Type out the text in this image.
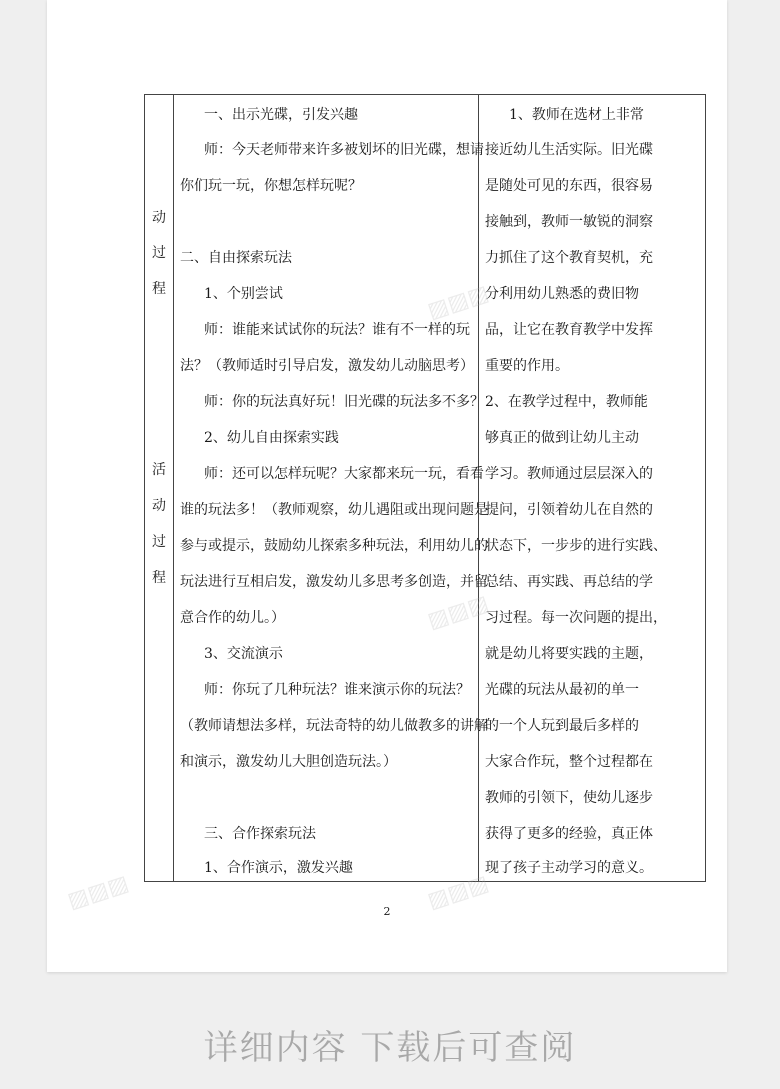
动
过
程
活
动
过
程
一、出示光碟，引发兴趣
师：今天老师带来许多被划坏的旧光碟，想请
你们玩一玩，你想怎样玩呢？
二、自由探索玩法
1、个别尝试
师：谁能来试试你的玩法？谁有不一样的玩
法？（教师适时引导启发，激发幼儿动脑思考）
师：你的玩法真好玩！旧光碟的玩法多不多？
2、幼儿自由探索实践
师：还可以怎样玩呢？大家都来玩一玩，看看
谁的玩法多！（教师观察，幼儿遇阻或出现问题是
参与或提示，鼓励幼儿探索多种玩法，利用幼儿的
玩法进行互相启发，激发幼儿多思考多创造，并留
意合作的幼儿。）
3、交流演示
师：你玩了几种玩法？谁来演示你的玩法？
（教师请想法多样，玩法奇特的幼儿做教多的讲解
和演示，激发幼儿大胆创造玩法。）
三、合作探索玩法
1、合作演示，激发兴趣
1、教师在选材上非常
接近幼儿生活实际。旧光碟
是随处可见的东西，很容易
接触到，教师一敏锐的洞察
力抓住了这个教育契机，充
分利用幼儿熟悉的费旧物
品，让它在教育教学中发挥
重要的作用。
2、在教学过程中，教师能
够真正的做到让幼儿主动
学习。教师通过层层深入的
提问，引领着幼儿在自然的
状态下，一步步的进行实践、
总结、再实践、再总结的学
习过程。每一次问题的提出，
就是幼儿将要实践的主题，
光碟的玩法从最初的单一
的一个人玩到最后多样的
大家合作玩，整个过程都在
教师的引领下，使幼儿逐步
获得了更多的经验，真正体
现了孩子主动学习的意义。
2
▨▨▨
▨▨▨
▨▨▨	▨▨▨
详细内容 下载后可查阅
